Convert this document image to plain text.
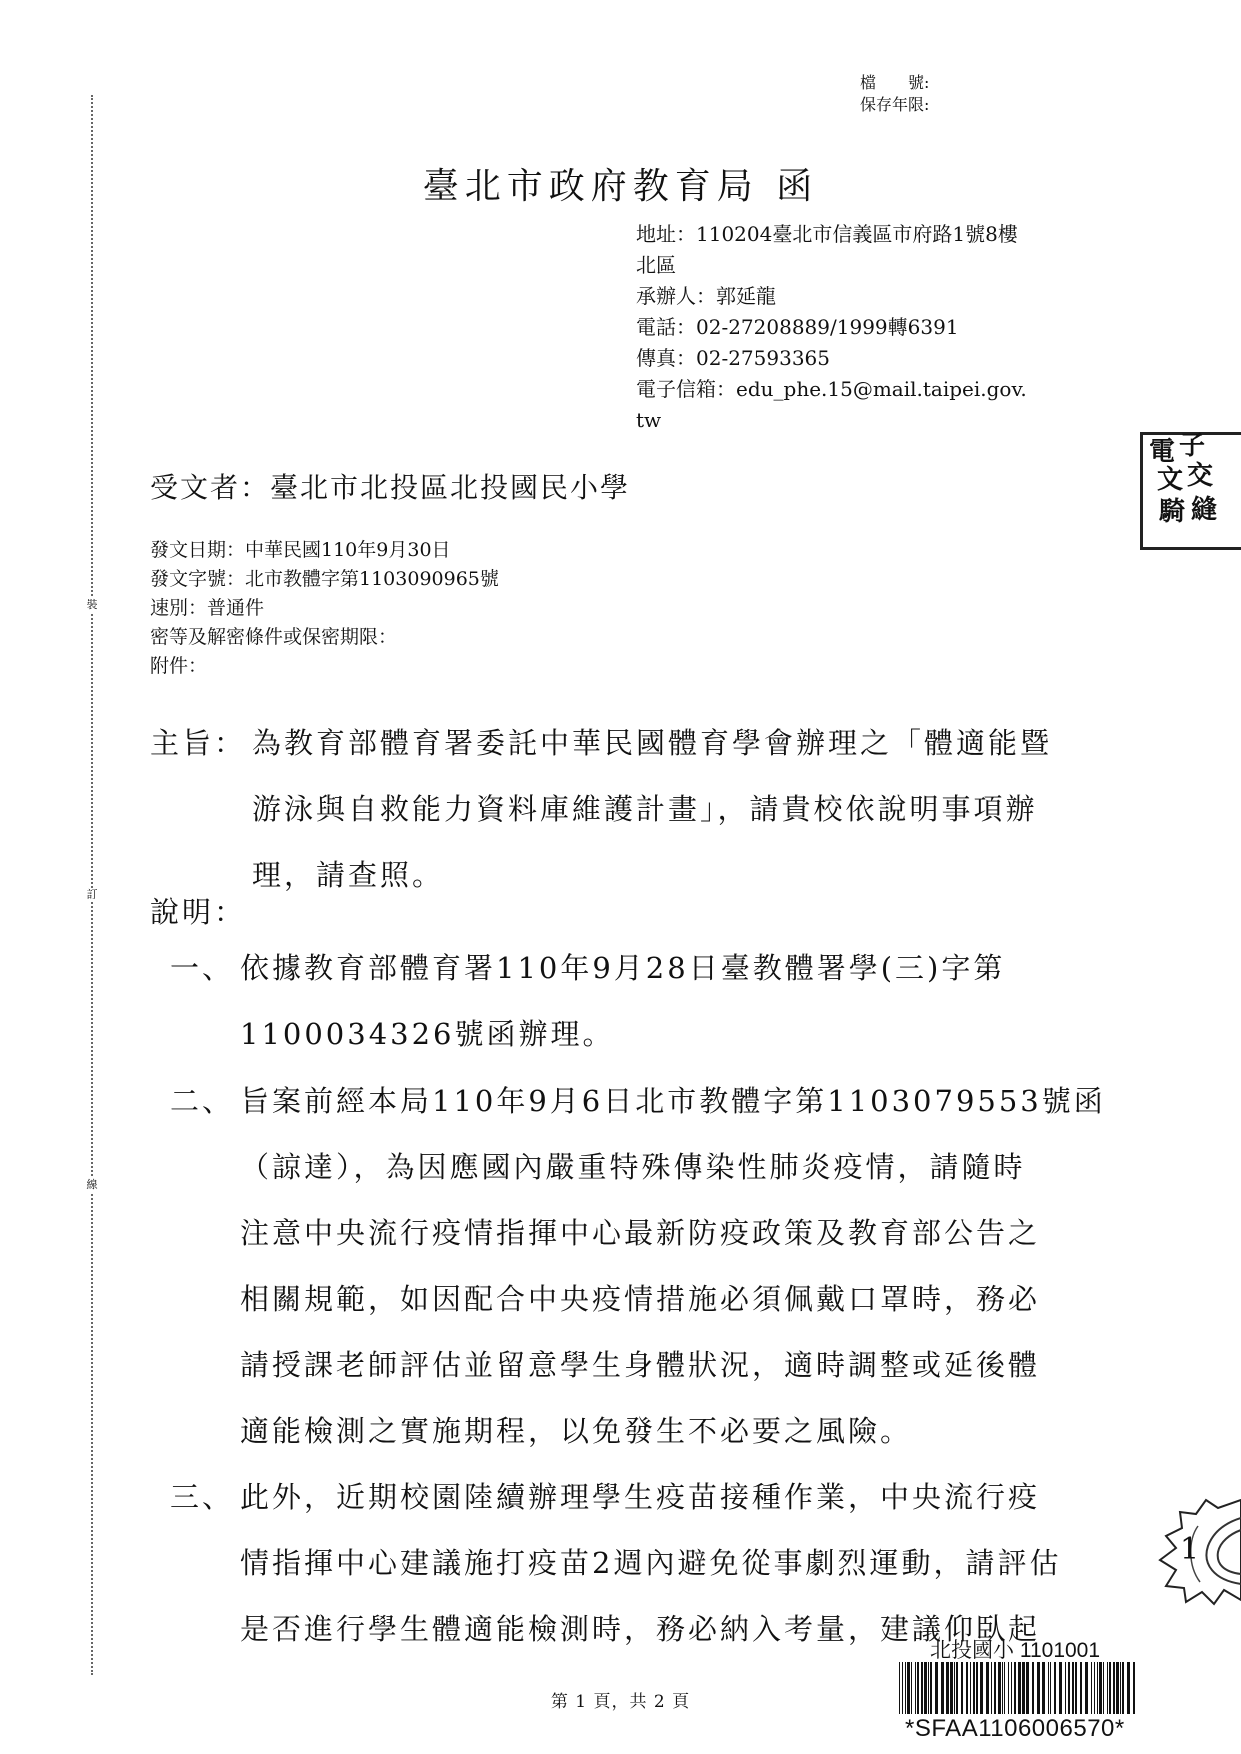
裝
訂
線
檔　　號:
保存年限:
臺北市政府教育局 函
地址：110204臺北市信義區市府路1號8樓
北區
承辦人：郭延龍
電話：02-27208889/1999轉6391
傳真：02-27593365
電子信箱：edu_phe.15@mail.taipei.gov.
tw
受文者：臺北市北投區北投國民小學
發文日期：中華民國110年9月30日
發文字號：北市教體字第1103090965號
速別：普通件
密等及解密條件或保密期限：
附件：
主旨： 為教育部體育署委託中華民國體育學會辦理之「體適能暨
游泳與自救能力資料庫維護計畫」，請貴校依說明事項辦
理，請查照。
說明：
一、 依據教育部體育署110年9月28日臺教體署學(三)字第
1100034326號函辦理。
二、 旨案前經本局110年9月6日北市教體字第1103079553號函
（諒達），為因應國內嚴重特殊傳染性肺炎疫情，請隨時
注意中央流行疫情指揮中心最新防疫政策及教育部公告之
相關規範，如因配合中央疫情措施必須佩戴口罩時，務必
請授課老師評估並留意學生身體狀況，適時調整或延後體
適能檢測之實施期程，以免發生不必要之風險。
三、 此外，近期校園陸續辦理學生疫苗接種作業，中央流行疫
情指揮中心建議施打疫苗2週內避免從事劇烈運動，請評估
是否進行學生體適能檢測時，務必納入考量，建議仰臥起
電 子
文 交
騎 縫
1
第 1 頁，共 2 頁
北投國小 1101001
*SFAA1106006570*
